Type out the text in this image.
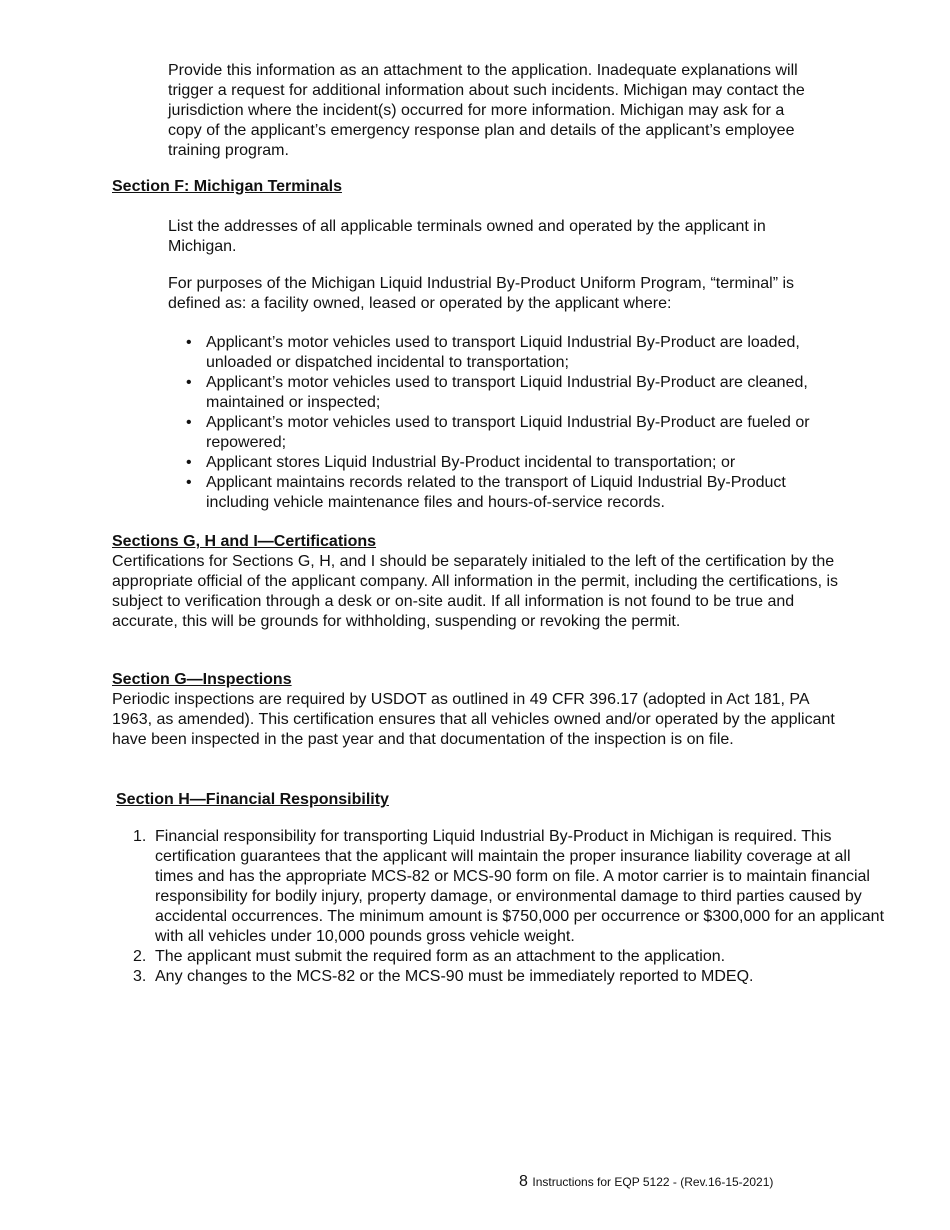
Provide this information as an attachment to the application. Inadequate explanations will trigger a request for additional information about such incidents. Michigan may contact the jurisdiction where the incident(s) occurred for more information. Michigan may ask for a copy of the applicant’s emergency response plan and details of the applicant’s employee training program.

Section F: Michigan Terminals

List the addresses of all applicable terminals owned and operated by the applicant in Michigan.

For purposes of the Michigan Liquid Industrial By-Product Uniform Program, “terminal” is defined as: a facility owned, leased or operated by the applicant where:

• Applicant’s motor vehicles used to transport Liquid Industrial By-Product are loaded, unloaded or dispatched incidental to transportation;
• Applicant’s motor vehicles used to transport Liquid Industrial By-Product are cleaned, maintained or inspected;
• Applicant’s motor vehicles used to transport Liquid Industrial By-Product are fueled or repowered;
• Applicant stores Liquid Industrial By-Product incidental to transportation; or
• Applicant maintains records related to the transport of Liquid Industrial By-Product including vehicle maintenance files and hours-of-service records.

Sections G, H and I—Certifications

Certifications for Sections G, H, and I should be separately initialed to the left of the certification by the appropriate official of the applicant company. All information in the permit, including the certifications, is subject to verification through a desk or on-site audit. If all information is not found to be true and accurate, this will be grounds for withholding, suspending or revoking the permit.

Section G—Inspections

Periodic inspections are required by USDOT as outlined in 49 CFR 396.17 (adopted in Act 181, PA 1963, as amended). This certification ensures that all vehicles owned and/or operated by the applicant have been inspected in the past year and that documentation of the inspection is on file.

Section H—Financial Responsibility

1. Financial responsibility for transporting Liquid Industrial By-Product in Michigan is required. This certification guarantees that the applicant will maintain the proper insurance liability coverage at all times and has the appropriate MCS-82 or MCS-90 form on file. A motor carrier is to maintain financial responsibility for bodily injury, property damage, or environmental damage to third parties caused by accidental occurrences. The minimum amount is $750,000 per occurrence or $300,000 for an applicant with all vehicles under 10,000 pounds gross vehicle weight.
2. The applicant must submit the required form as an attachment to the application.
3. Any changes to the MCS-82 or the MCS-90 must be immediately reported to MDEQ.
8 Instructions for EQP 5122 - (Rev.16-15-2021)
